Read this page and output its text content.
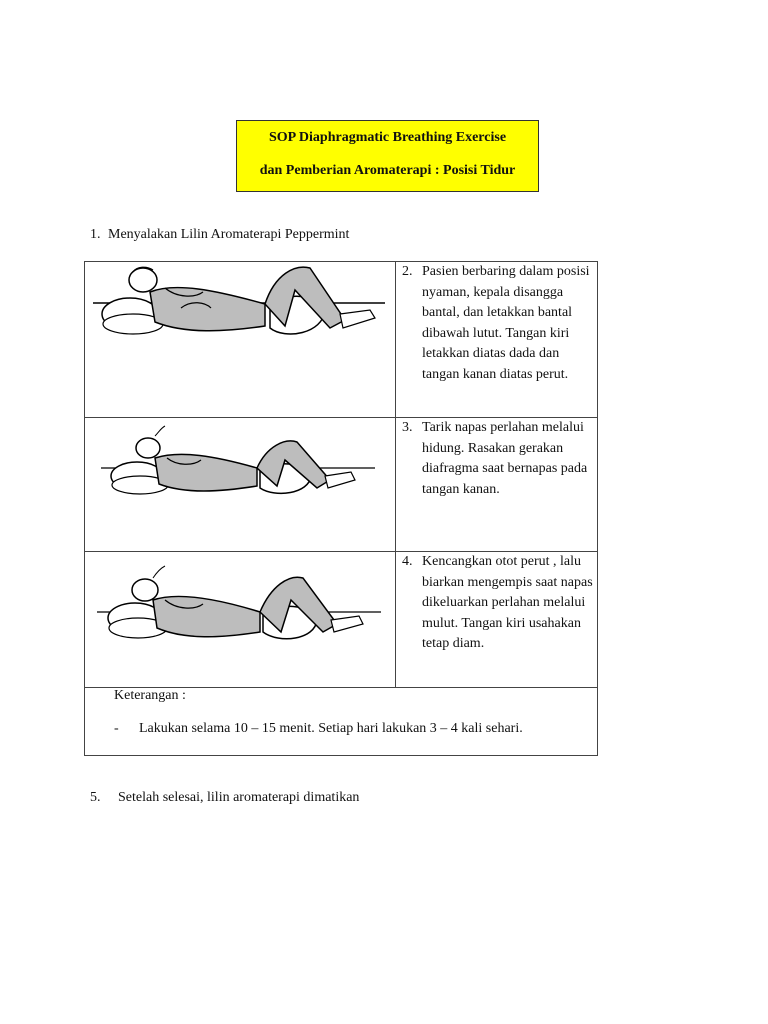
SOP Diaphragmatic Breathing Exercise
dan Pemberian Aromaterapi : Posisi Tidur
1. Menyalakan Lilin Aromaterapi Peppermint

2. Pasien berbaring dalam posisi nyaman, kepala disangga bantal, dan letakkan bantal dibawah lutut. Tangan kiri letakkan diatas dada dan tangan kanan diatas perut.

3. Tarik napas perlahan melalui hidung. Rasakan gerakan diafragma saat bernapas pada tangan kanan.

4. Kencangkan otot perut , lalu biarkan mengempis saat napas dikeluarkan perlahan melalui mulut. Tangan kiri usahakan tetap diam.

Keterangan :
- Lakukan selama 10 – 15 menit. Setiap hari lakukan 3 – 4 kali sehari.	
5. Setelah selesai, lilin aromaterapi dimatikan
